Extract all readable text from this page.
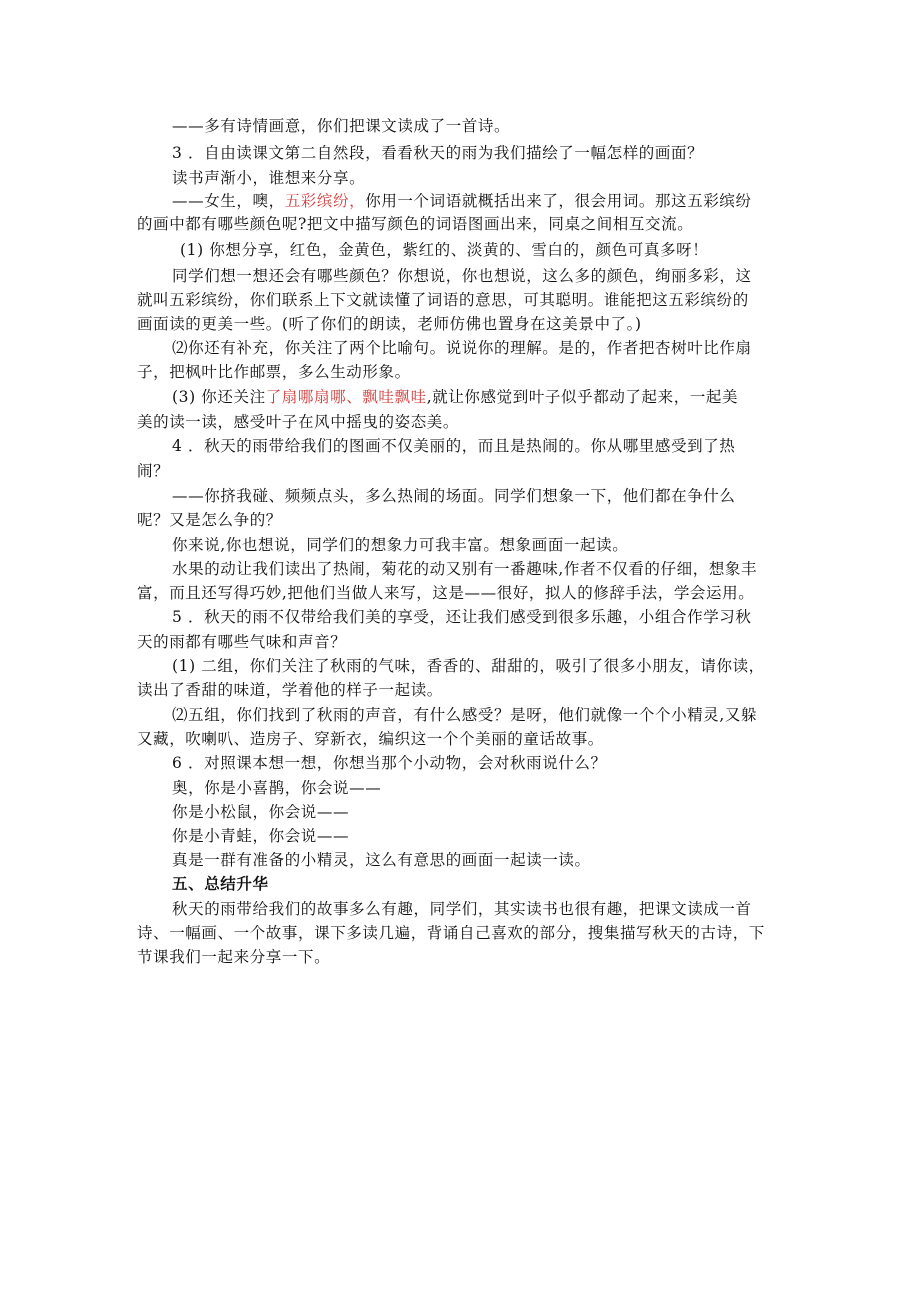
——多有诗情画意，你们把课文读成了一首诗。
3 ．自由读课文第二自然段，看看秋天的雨为我们描绘了一幅怎样的画面？
读书声渐小，谁想来分享。
——女生，噢，五彩缤纷，你用一个词语就概括出来了，很会用词。那这五彩缤纷
的画中都有哪些颜色呢?把文中描写颜色的词语图画出来，同桌之间相互交流。
(1) 你想分享，红色，金黄色，紫红的、淡黄的、雪白的，颜色可真多呀！
同学们想一想还会有哪些颜色？你想说，你也想说，这么多的颜色，绚丽多彩，这
就叫五彩缤纷，你们联系上下文就读懂了词语的意思，可其聪明。谁能把这五彩缤纷的
画面读的更美一些。(听了你们的朗读，老师仿佛也置身在这美景中了。)
⑵你还有补充，你关注了两个比喻句。说说你的理解。是的，作者把杏树叶比作扇
子，把枫叶比作邮票，多么生动形象。
(3) 你还关注了扇哪扇哪、飘哇飘哇,就让你感觉到叶子似乎都动了起来，一起美
美的读一读，感受叶子在风中摇曳的姿态美。
4 ．秋天的雨带给我们的图画不仅美丽的，而且是热闹的。你从哪里感受到了热
闹？
——你挤我碰、频频点头，多么热闹的场面。同学们想象一下，他们都在争什么
呢？又是怎么争的？
你来说,你也想说，同学们的想象力可我丰富。想象画面一起读。
水果的动让我们读出了热闹，菊花的动又别有一番趣味,作者不仅看的仔细，想象丰
富，而且还写得巧妙,把他们当做人来写，这是——很好，拟人的修辞手法，学会运用。
5 ．秋天的雨不仅带给我们美的享受，还让我们感受到很多乐趣，小组合作学习秋
天的雨都有哪些气味和声音？
(1) 二组，你们关注了秋雨的气味，香香的、甜甜的，吸引了很多小朋友，请你读，
读出了香甜的味道，学着他的样子一起读。
⑵五组，你们找到了秋雨的声音，有什么感受？是呀，他们就像一个个小精灵,又躲
又藏，吹喇叭、造房子、穿新衣，编织这一个个美丽的童话故事。
6 ．对照课本想一想，你想当那个小动物，会对秋雨说什么？
奥，你是小喜鹊，你会说——
你是小松鼠，你会说——
你是小青蛙，你会说——
真是一群有准备的小精灵，这么有意思的画面一起读一读。
五、总结升华
秋天的雨带给我们的故事多么有趣，同学们，其实读书也很有趣，把课文读成一首
诗、一幅画、一个故事，课下多读几遍，背诵自己喜欢的部分，搜集描写秋天的古诗，下
节课我们一起来分享一下。
